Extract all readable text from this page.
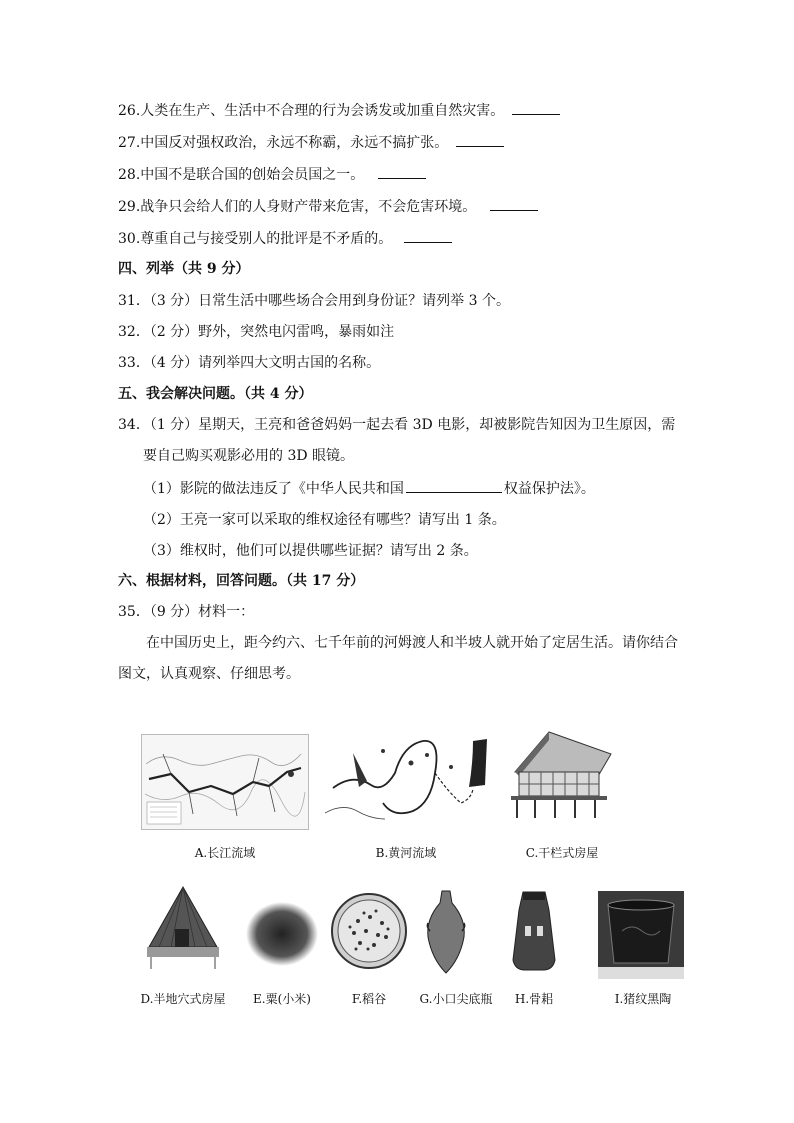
26.人类在生产、生活中不合理的行为会诱发或加重自然灾害。
27.中国反对强权政治，永远不称霸，永远不搞扩张。
28.中国不是联合国的创始会员国之一。
29.战争只会给人们的人身财产带来危害，不会危害环境。
30.尊重自己与接受别人的批评是不矛盾的。
四、列举（共 9 分）
31．（3 分）日常生活中哪些场合会用到身份证？请列举 3 个。
32．（2 分）野外，突然电闪雷鸣，暴雨如注
33．（4 分）请列举四大文明古国的名称。
五、我会解决问题。（共 4 分）
34．（1 分）星期天，王亮和爸爸妈妈一起去看 3D 电影，却被影院告知因为卫生原因，需
要自己购买观影必用的 3D 眼镜。
（1）影院的做法违反了《中华人民共和国	权益保护法》。
（2）王亮一家可以采取的维权途径有哪些？请写出 1 条。
（3）维权时，他们可以提供哪些证据？请写出 2 条。
六、根据材料，回答问题。（共 17 分）
35．（9 分）材料一：
在中国历史上，距今约六、七千年前的河姆渡人和半坡人就开始了定居生活。请你结合
图文，认真观察、仔细思考。
A.长江流域	B.黄河流域	C.干栏式房屋
D.半地穴式房屋	E.粟(小米)	F.稻谷	G.小口尖底瓶	H.骨耜	I.猪纹黑陶
